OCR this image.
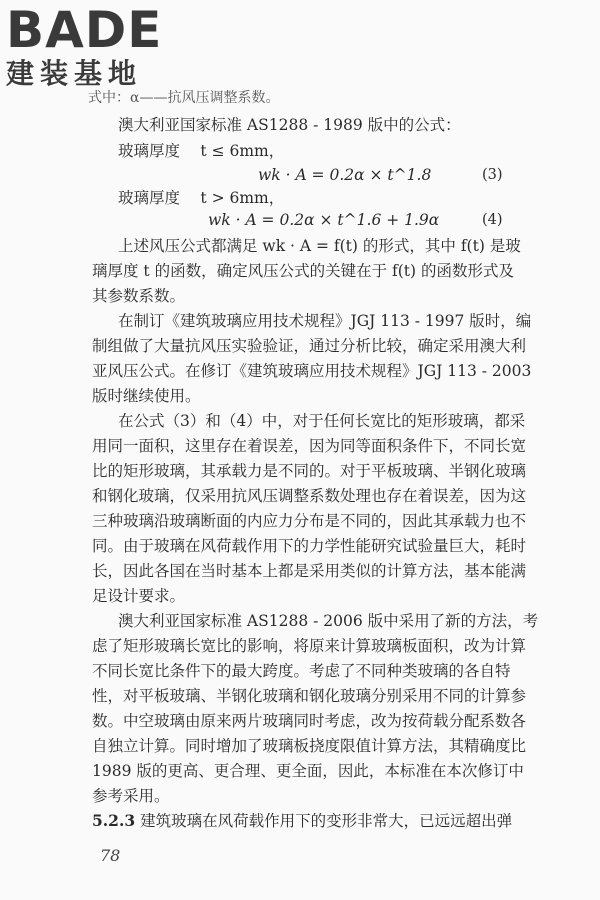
BADE
建装基地
式中：α——抗风压调整系数。
澳大利亚国家标准 AS1288 - 1989 版中的公式：
玻璃厚度　 t ≤ 6mm，
wk · A = 0.2α × t^1.8	(3)
玻璃厚度　 t > 6mm，
wk · A = 0.2α × t^1.6 + 1.9α	(4)
上述风压公式都满足 wk · A = f(t) 的形式，其中 f(t) 是玻
璃厚度 t 的函数，确定风压公式的关键在于 f(t) 的函数形式及
其参数系数。
在制订《建筑玻璃应用技术规程》JGJ 113 - 1997 版时，编
制组做了大量抗风压实验验证，通过分析比较，确定采用澳大利
亚风压公式。在修订《建筑玻璃应用技术规程》JGJ 113 - 2003
版时继续使用。
在公式（3）和（4）中，对于任何长宽比的矩形玻璃，都采
用同一面积，这里存在着误差，因为同等面积条件下，不同长宽
比的矩形玻璃，其承载力是不同的。对于平板玻璃、半钢化玻璃
和钢化玻璃，仅采用抗风压调整系数处理也存在着误差，因为这
三种玻璃沿玻璃断面的内应力分布是不同的，因此其承载力也不
同。由于玻璃在风荷载作用下的力学性能研究试验量巨大，耗时
长，因此各国在当时基本上都是采用类似的计算方法，基本能满
足设计要求。
澳大利亚国家标准 AS1288 - 2006 版中采用了新的方法，考
虑了矩形玻璃长宽比的影响，将原来计算玻璃板面积，改为计算
不同长宽比条件下的最大跨度。考虑了不同种类玻璃的各自特
性，对平板玻璃、半钢化玻璃和钢化玻璃分别采用不同的计算参
数。中空玻璃由原来两片玻璃同时考虑，改为按荷载分配系数各
自独立计算。同时增加了玻璃板挠度限值计算方法，其精确度比
1989 版的更高、更合理、更全面，因此，本标准在本次修订中
参考采用。
5.2.3 建筑玻璃在风荷载作用下的变形非常大，已远远超出弹
78
